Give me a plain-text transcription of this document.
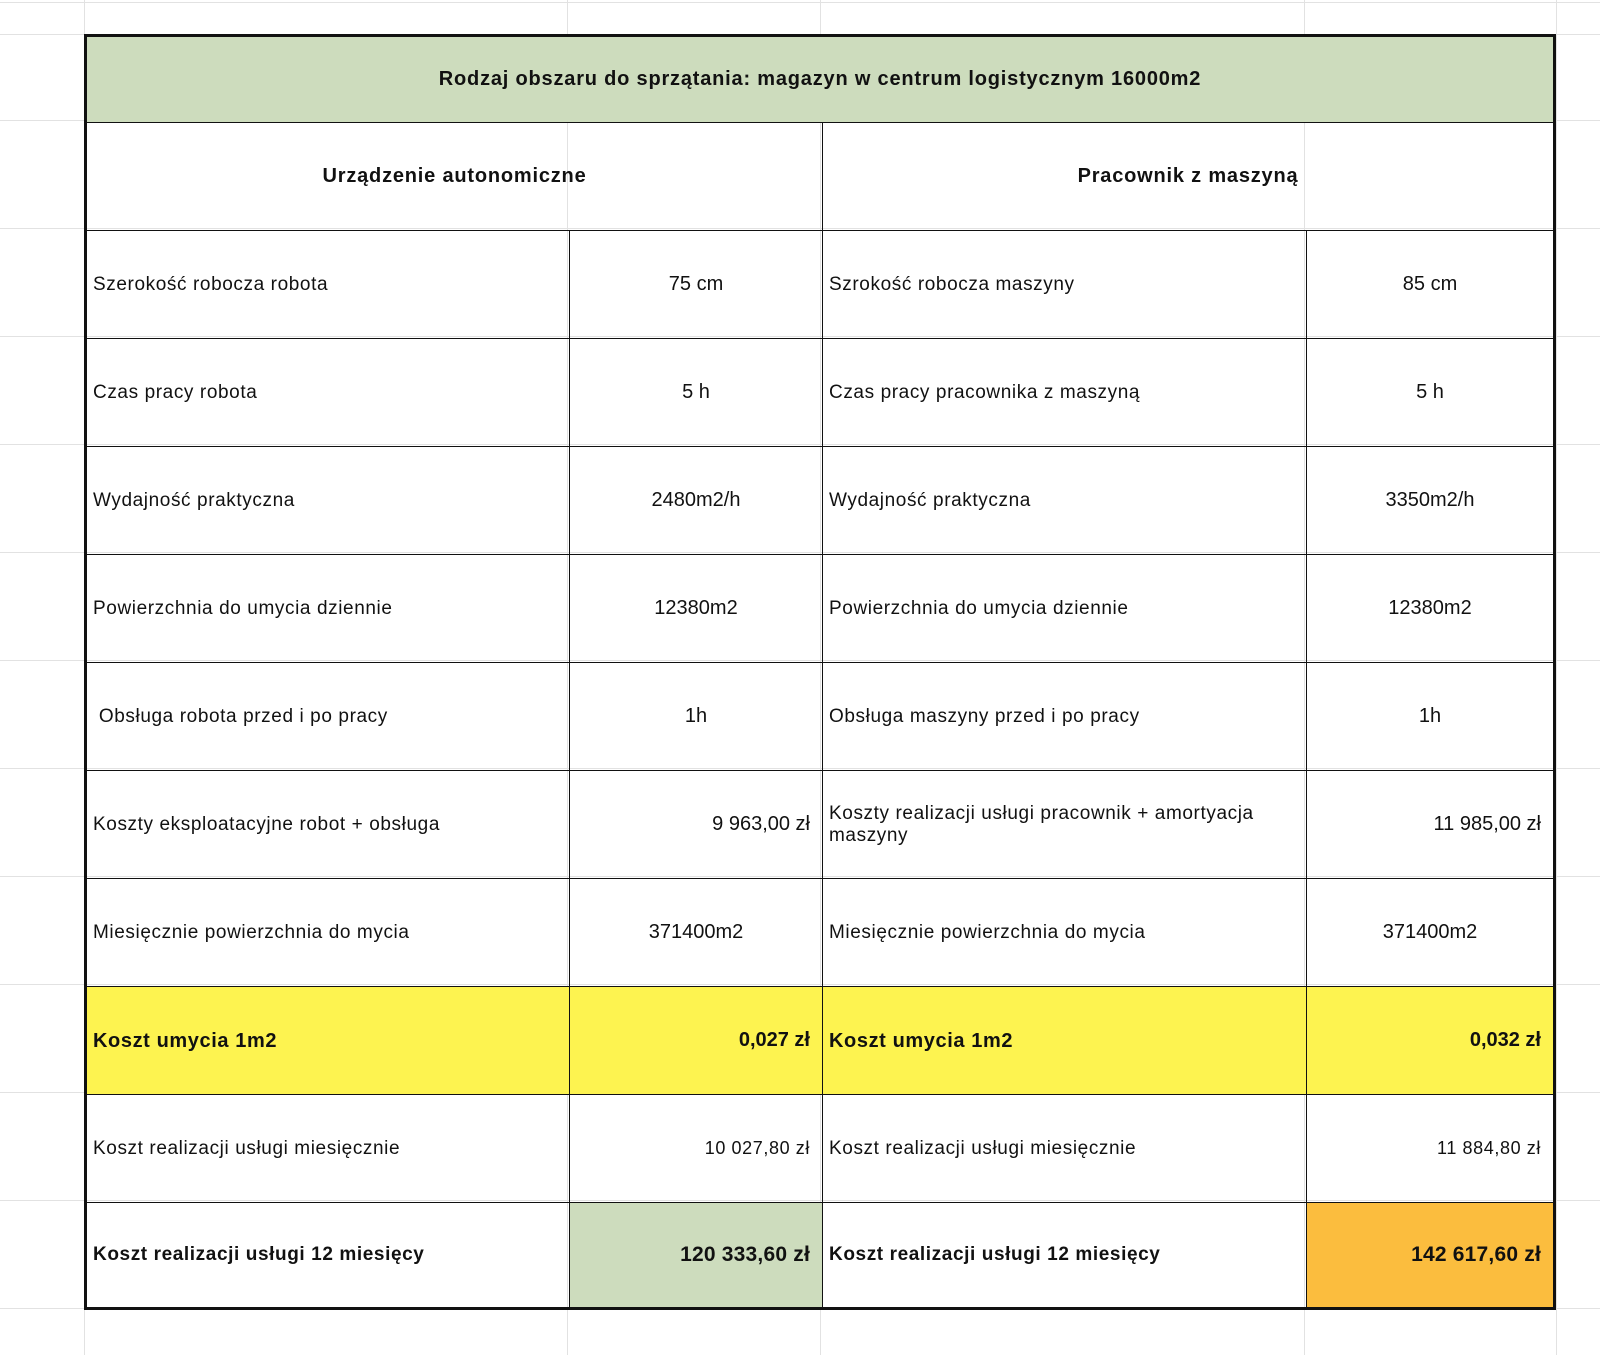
Rodzaj obszaru do sprzątania: magazyn w centrum logistycznym 16000m2
Urządzenie autonomiczne	Pracownik z maszyną
Szerokość robocza robota	75 cm	Szrokość robocza maszyny	85 cm
Czas pracy robota	5 h	Czas pracy pracownika z maszyną	5 h
Wydajność praktyczna	2480m2/h	Wydajność praktyczna	3350m2/h
Powierzchnia do umycia dziennie	12380m2	Powierzchnia do umycia dziennie	12380m2
Obsługa robota przed i po pracy	1h	Obsługa maszyny przed i po pracy	1h
Koszty eksploatacyjne robot + obsługa	9 963,00 zł	Koszty realizacji usługi pracownik + amortyacja maszyny	11 985,00 zł
Miesięcznie powierzchnia do mycia	371400m2	Miesięcznie powierzchnia do mycia	371400m2
Koszt umycia 1m2	0,027 zł Koszt umycia 1m2	0,032 zł
Koszt realizacji usługi miesięcznie	10 027,80 zł	Koszt realizacji usługi miesięcznie	11 884,80 zł
Koszt realizacji usługi 12 miesięcy	120 333,60 zł	Koszt realizacji usługi 12 miesięcy	142 617,60 zł
